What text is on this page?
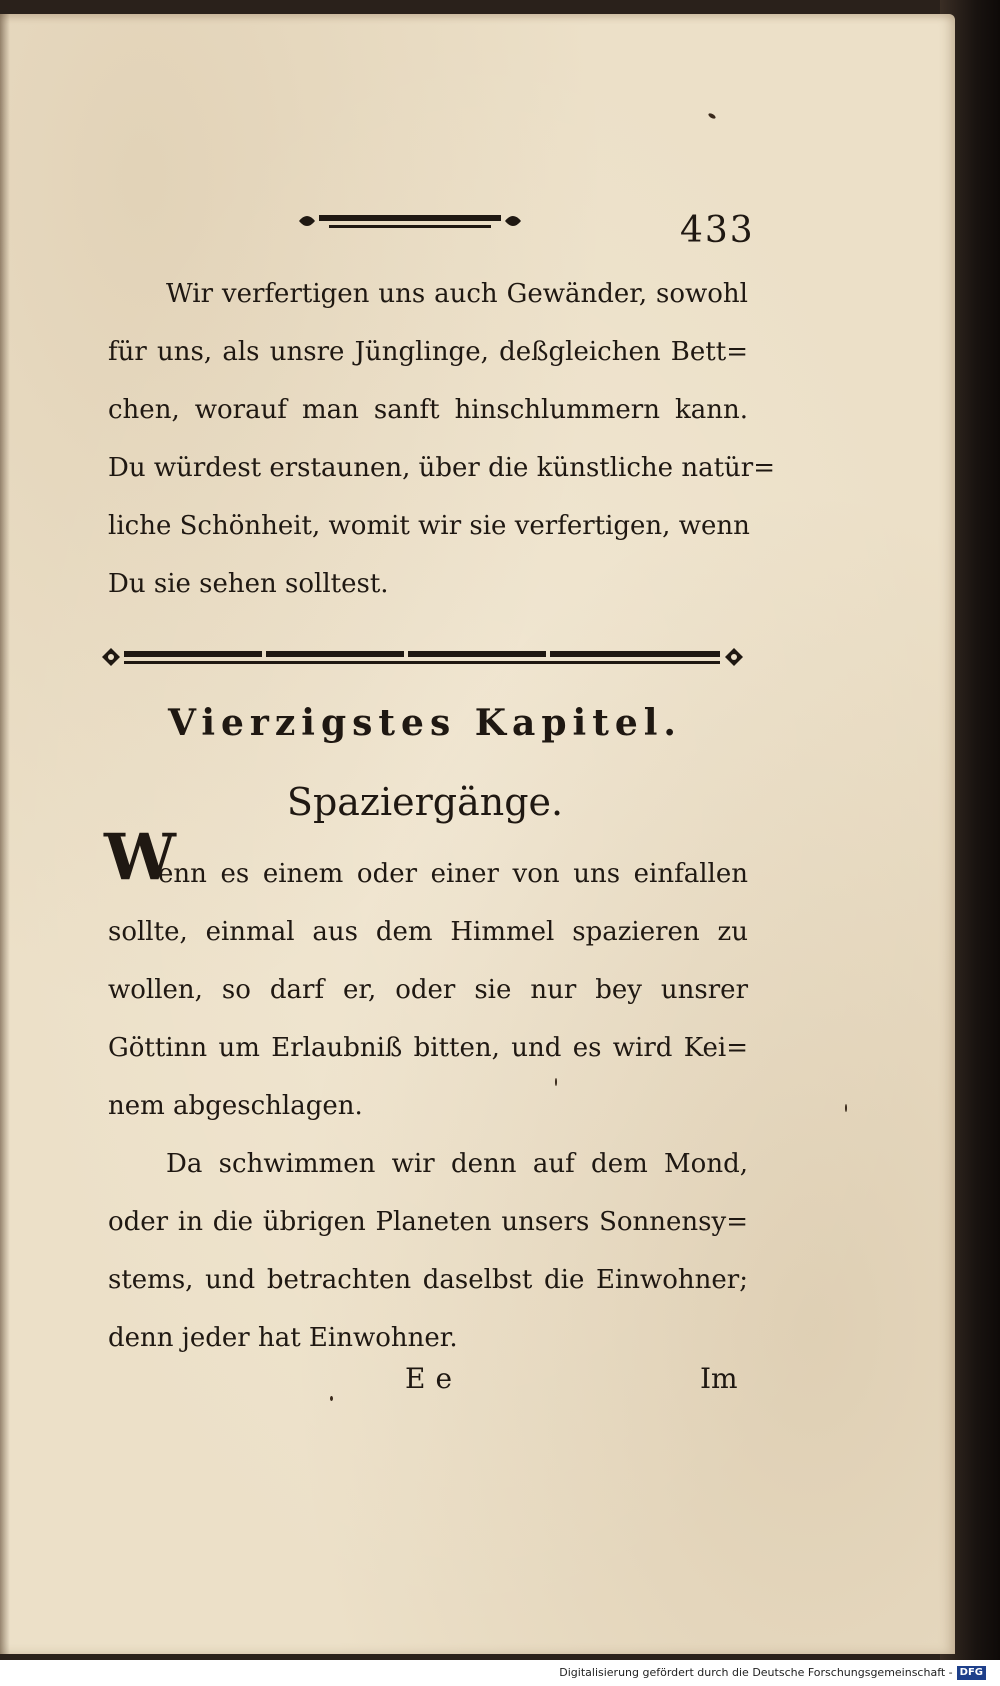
433
Wir verfertigen uns auch Gewänder, sowohl
für uns, als unsre Jünglinge, deßgleichen Bett=
chen, worauf man sanft hinschlummern kann.
Du würdest erstaunen, über die künstliche natür=
liche Schönheit, womit wir sie verfertigen, wenn
Du sie sehen solltest.
Vierzigstes Kapitel.
Spaziergänge.
W
enn es einem oder einer von uns einfallen
sollte, einmal aus dem Himmel spazieren zu
wollen, so darf er, oder sie nur bey unsrer
Göttinn um Erlaubniß bitten, und es wird Kei=
nem abgeschlagen.
Da schwimmen wir denn auf dem Mond,
oder in die übrigen Planeten unsers Sonnensy=
stems, und betrachten daselbst die Einwohner;
denn jeder hat Einwohner.
Ee	Im
Digitalisierung gefördert durch die Deutsche Forschungsgemeinschaft - DFG
